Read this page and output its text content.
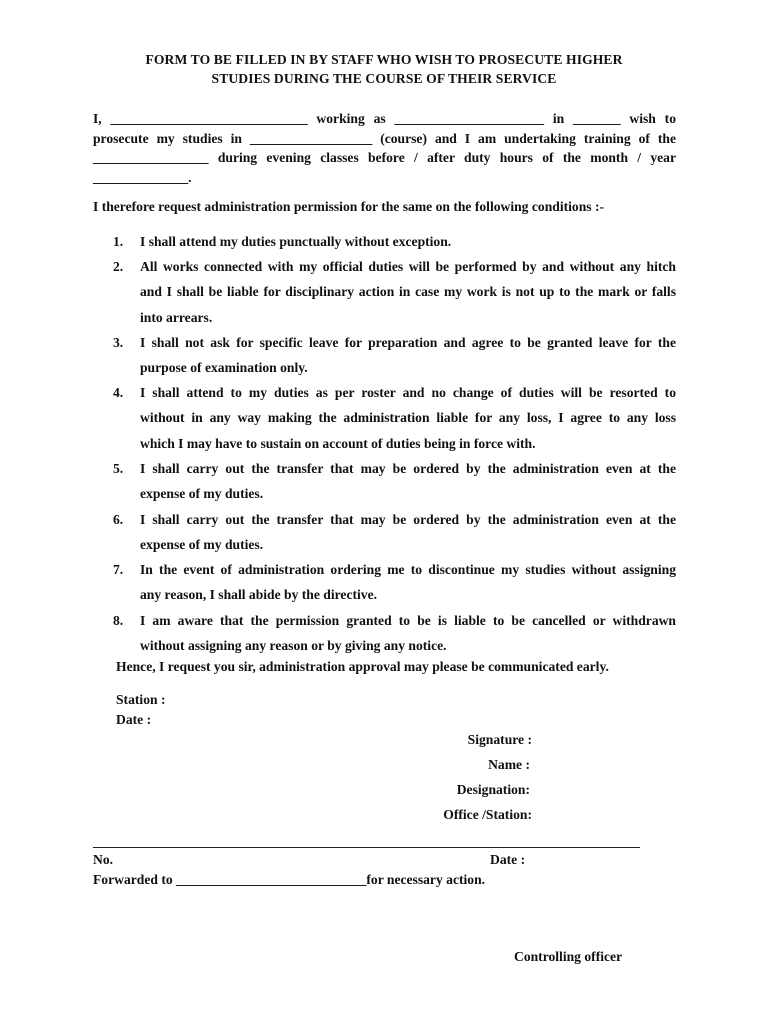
FORM TO BE FILLED IN BY STAFF WHO WISH TO PROSECUTE HIGHER
STUDIES DURING THE COURSE OF THEIR SERVICE

I, _____________________________ working as ______________________ in _______ wish to

prosecute my studies in __________________ (course) and I am undertaking training of the

_________________ during evening classes before / after duty hours of the month / year

______________.

I therefore request administration permission for the same on the following conditions :-
1. I shall attend my duties punctually without exception.
2. All works connected with my official duties will be performed by and without any hitch
and I shall be liable for disciplinary action in case my work is not up to the mark or falls
into arrears.
3. I shall not ask for specific leave for preparation and agree to be granted leave for the
purpose of examination only.
4. I shall attend to my duties as per roster and no change of duties will be resorted to
without in any way making the administration liable for any loss, I agree to any loss
which I may have to sustain on account of duties being in force with.
5. I shall carry out the transfer that may be ordered by the administration even at the
expense of my duties.
6. I shall carry out the transfer that may be ordered by the administration even at the
expense of my duties.
7. In the event of administration ordering me to discontinue my studies without assigning
any reason, I shall abide by the directive.
8. I am aware that the permission granted to be is liable to be cancelled or withdrawn
without assigning any reason or by giving any notice.
Hence, I request you sir, administration approval may please be communicated early.
Station :
Date :
Signature :
Name :
Designation:
Office /Station:
No.	Date :
Forwarded to ____________________________for necessary action.
Controlling officer
